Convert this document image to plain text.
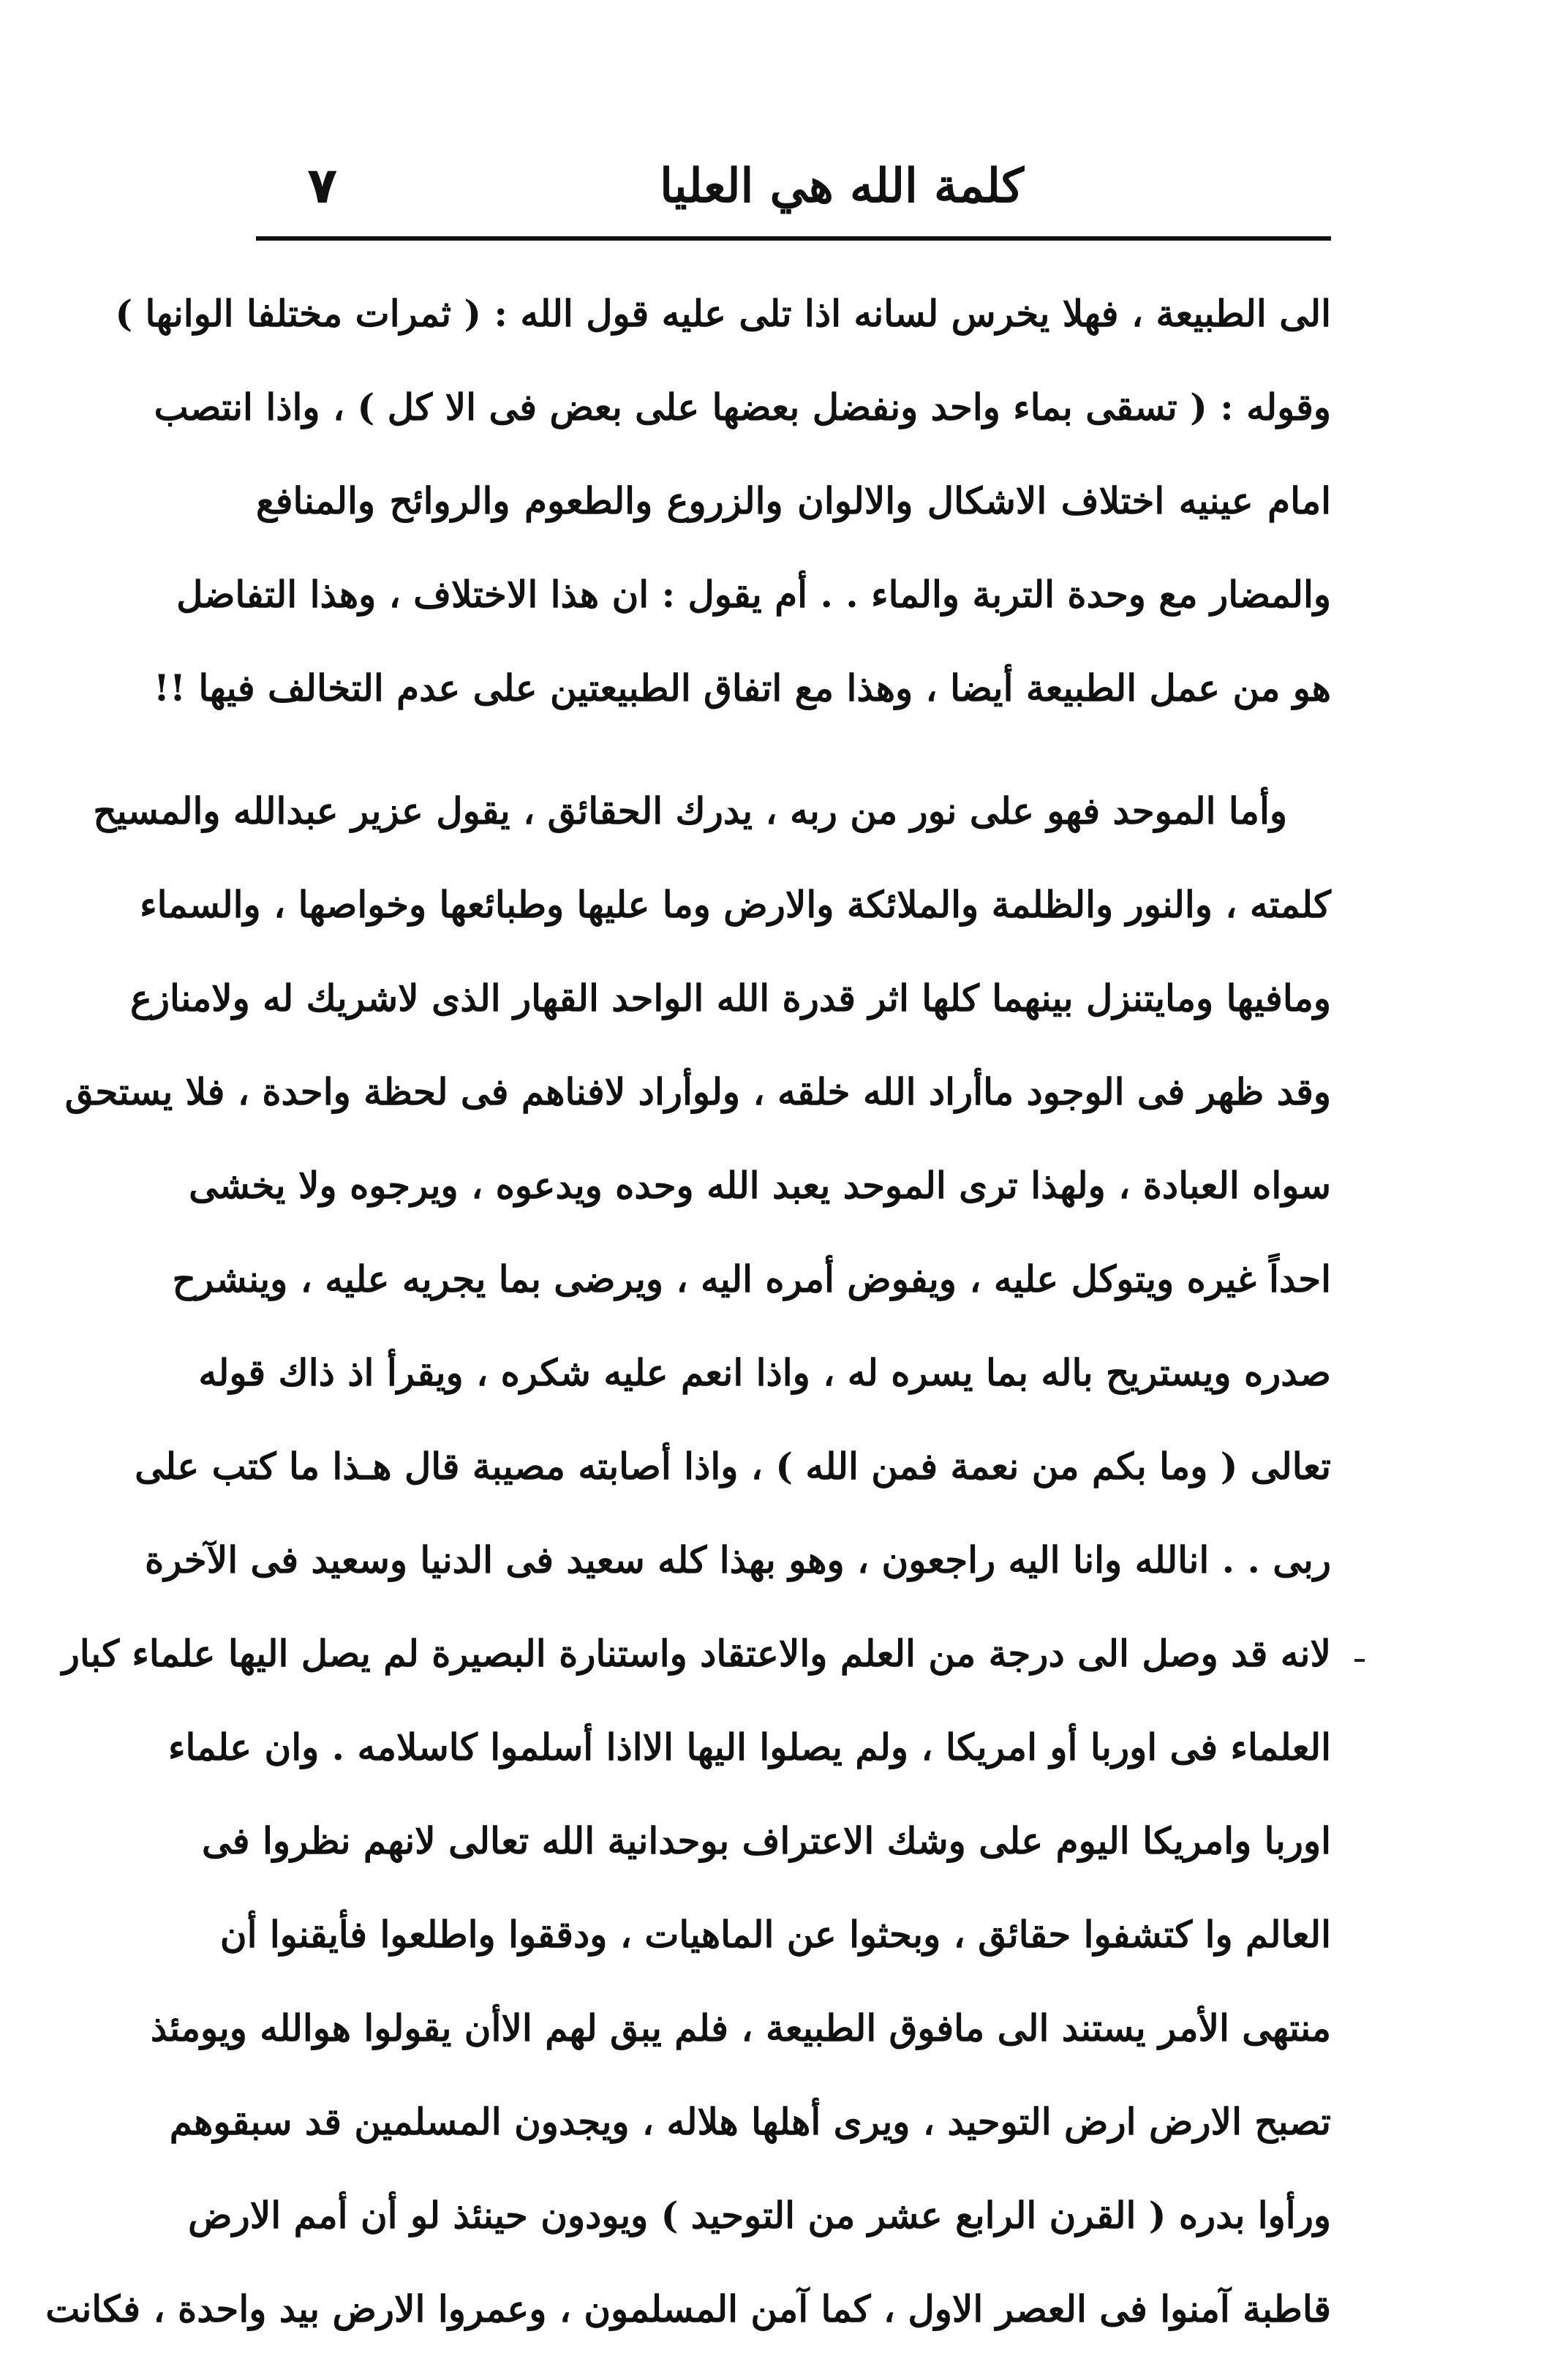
كلمة الله هي العليا
٧
الى الطبيعة ، فهلا يخرس لسانه اذا تلى عليه قول الله : ( ثمرات مختلفا الوانها )
وقوله : ( تسقى بماء واحد ونفضل بعضها على بعض فى الا كل ) ، واذا انتصب
امام عينيه اختلاف الاشكال والالوان والزروع والطعوم والروائح والمنافع
والمضار مع وحدة التربة والماء . . أم يقول : ان هذا الاختلاف ، وهذا التفاضل
هو من عمل الطبيعة أيضا ، وهذا مع اتفاق الطبيعتين على عدم التخالف فيها !!
وأما الموحد فهو على نور من ربه ، يدرك الحقائق ، يقول عزير عبدالله والمسيح
كلمته ، والنور والظلمة والملائكة والارض وما عليها وطبائعها وخواصها ، والسماء
ومافيها ومايتنزل بينهما كلها اثر قدرة الله الواحد القهار الذى لاشريك له ولامنازع
وقد ظهر فى الوجود ماأراد الله خلقه ، ولوأراد لافناهم فى لحظة واحدة ، فلا يستحق
سواه العبادة ، ولهذا ترى الموحد يعبد الله وحده ويدعوه ، ويرجوه ولا يخشى
احداً غيره ويتوكل عليه ، ويفوض أمره اليه ، ويرضى بما يجريه عليه ، وينشرح
صدره ويستريح باله بما يسره له ، واذا انعم عليه شكره ، ويقرأ اذ ذاك قوله
تعالى ( وما بكم من نعمة فمن الله ) ، واذا أصابته مصيبة قال هـذا ما كتب على
ربى . . انالله وانا اليه راجعون ، وهو بهذا كله سعيد فى الدنيا وسعيد فى الآخرة
لانه قد وصل الى درجة من العلم والاعتقاد واستنارة البصيرة لم يصل اليها علماء كبار
العلماء فى اوربا أو امريكا ، ولم يصلوا اليها الااذا أسلموا كاسلامه . وان علماء
اوربا وامريكا اليوم على وشك الاعتراف بوحدانية الله تعالى لانهم نظروا فى
العالم وا كتشفوا حقائق ، وبحثوا عن الماهيات ، ودققوا واطلعوا فأيقنوا أن
منتهى الأمر يستند الى مافوق الطبيعة ، فلم يبق لهم الاأن يقولوا هوالله ويومئذ
تصبح الارض ارض التوحيد ، ويرى أهلها هلاله ، ويجدون المسلمين قد سبقوهم
ورأوا بدره ( القرن الرابع عشر من التوحيد ) ويودون حينئذ لو أن أمم الارض
قاطبة آمنوا فى العصر الاول ، كما آمن المسلمون ، وعمروا الارض بيد واحدة ، فكانت
